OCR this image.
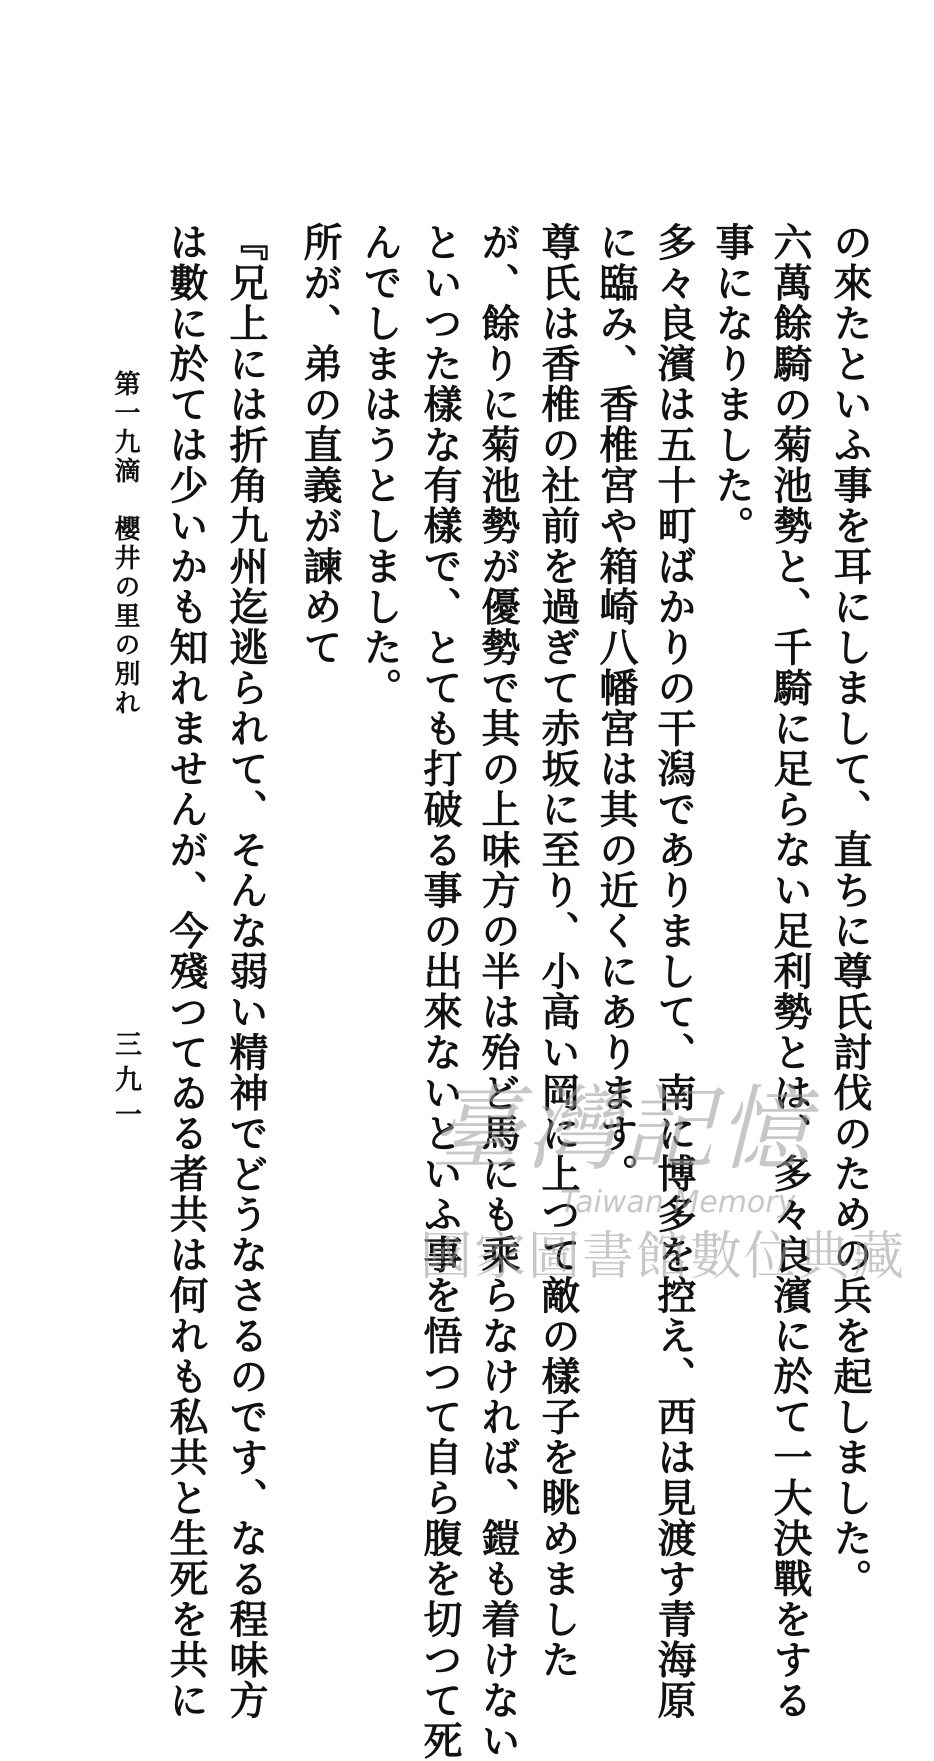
の來たといふ事を耳にしまして、直ちに尊氏討伐のための兵を起しました。
六萬餘騎の菊池勢と、千騎に足らない足利勢とは、多々良濱に於て一大決戰をする
事になりました。
多々良濱は五十町ばかりの干潟でありまして、南に博多を控え、西は見渡す青海原
に臨み、香椎宮や箱崎八幡宮は其の近くにあります。
尊氏は香椎の社前を過ぎて赤坂に至り、小高い岡に上つて敵の樣子を眺めました
が、餘りに菊池勢が優勢で其の上味方の半は殆ど馬にも乘らなければ、鎧も着けない
といつた樣な有樣で、とても打破る事の出來ないといふ事を悟つて自ら腹を切つて死
んでしまはうとしました。
所が、弟の直義が諫めて
『兄上には折角九州迄逃られて、そんな弱い精神でどうなさるのです、なる程味方
は數に於ては少いかも知れませんが、今殘つてゐる者共は何れも私共と生死を共に
第一九滴　櫻井の里の別れ
三九一	臺灣記憶
Taiwan Memory
國家圖書館數位典藏
